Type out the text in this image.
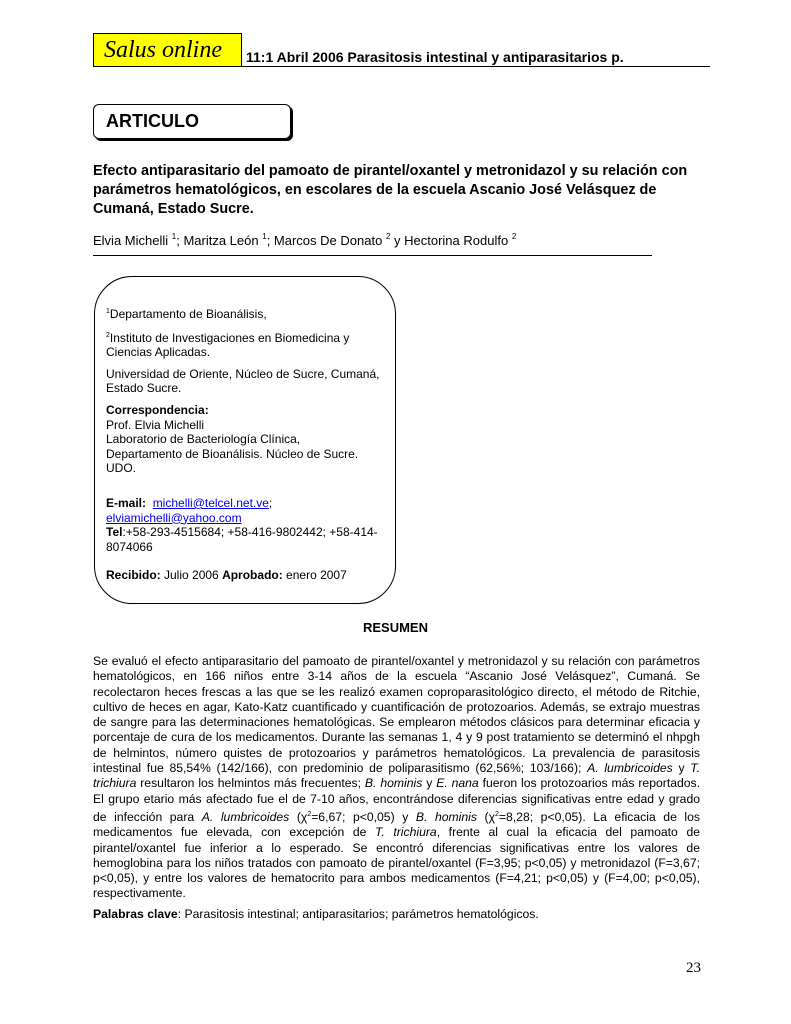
Salus online	11:1 Abril 2006 Parasitosis intestinal y antiparasitarios p.
ARTICULO
Efecto antiparasitario del pamoato de pirantel/oxantel y metronidazol y su relación con parámetros hematológicos, en escolares de la escuela Ascanio José Velásquez de Cumaná, Estado Sucre.
Elvia Michelli $^1$; Maritza León $^1$; Marcos De Donato $^2$ y Hectorina Rodulfo $^2$

$^1$Departamento de Bioanálisis,

$^2$Instituto de Investigaciones en Biomedicina y Ciencias Aplicadas.

Universidad de Oriente, Núcleo de Sucre, Cumaná, Estado Sucre.

Correspondencia:
Prof. Elvia Michelli
Laboratorio de Bacteriología Clínica,
Departamento de Bioanálisis. Núcleo de Sucre. UDO.

E-mail: michelli@telcel.net.ve;
elviamichelli@yahoo.com
Tel:+58-293-4515684; +58-416-9802442; +58-414-8074066

Recibido: Julio 2006 Aprobado: enero 2007

RESUMEN
Se evaluó el efecto antiparasitario del pamoato de pirantel/oxantel y metronidazol y su relación con parámetros hematológicos, en 166 niños entre 3-14 años de la escuela “Ascanio José Velásquez”, Cumaná. Se recolectaron heces frescas a las que se les realizó examen coproparasitológico directo, el método de Ritchie, cultivo de heces en agar, Kato-Katz cuantificado y cuantificación de protozoarios. Además, se extrajo muestras de sangre para las determinaciones hematológicas. Se emplearon métodos clásicos para determinar eficacia y porcentaje de cura de los medicamentos. Durante las semanas 1, 4 y 9 post tratamiento se determinó el nhpgh de helmintos, número quistes de protozoarios y parámetros hematológicos. La prevalencia de parasitosis intestinal fue 85,54% (142/166), con predominio de poliparasitismo (62,56%; 103/166); A. lumbricoides y T. trichiura resultaron los helmintos más frecuentes; B. hominis y E. nana fueron los protozoarios más reportados. El grupo etario más afectado fue el de 7-10 años, encontrándose diferencias significativas entre edad y grado de infección para A. lumbricoides ($\chi^2=6,67$; p<0,05) y B. hominis ($\chi^2=8,28$; p<0,05). La eficacia de los medicamentos fue elevada, con excepción de T. trichiura, frente al cual la eficacia del pamoato de pirantel/oxantel fue inferior a lo esperado. Se encontró diferencias significativas entre los valores de hemoglobina para los niños tratados con pamoato de pirantel/oxantel (F=3,95; p<0,05) y metronidazol (F=3,67; p<0,05), y entre los valores de hematocrito para ambos medicamentos (F=4,21; p<0,05) y (F=4,00; p<0,05), respectivamente.
Palabras clave: Parasitosis intestinal; antiparasitarios; parámetros hematológicos.
23
